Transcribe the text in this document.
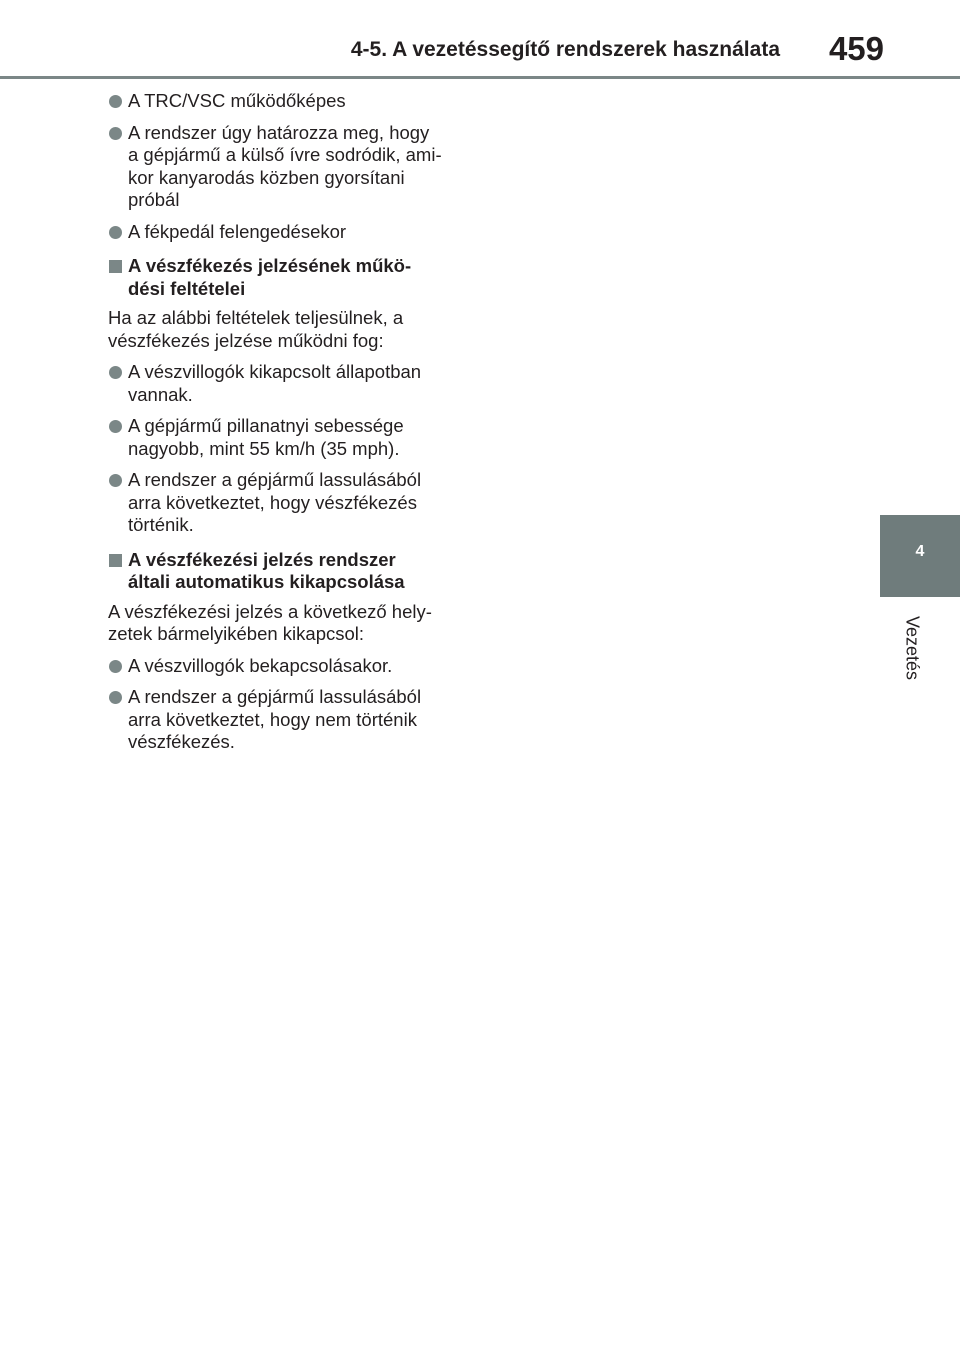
4-5. A vezetéssegítő rendszerek használata 459
4
Vezetés
A TRC/VSC működőképes
A rendszer úgy határozza meg, hogy
a gépjármű a külső ívre sodródik, ami-
kor kanyarodás közben gyorsítani
próbál
A fékpedál felengedésekor
A vészfékezés jelzésének műkö-
dési feltételei
Ha az alábbi feltételek teljesülnek, a
vészfékezés jelzése működni fog:
A vészvillogók kikapcsolt állapotban
vannak.
A gépjármű pillanatnyi sebessége
nagyobb, mint 55 km/h (35 mph).
A rendszer a gépjármű lassulásából
arra következtet, hogy vészfékezés
történik.
A vészfékezési jelzés rendszer
általi automatikus kikapcsolása
A vészfékezési jelzés a következő hely-
zetek bármelyikében kikapcsol:
A vészvillogók bekapcsolásakor.
A rendszer a gépjármű lassulásából
arra következtet, hogy nem történik
vészfékezés.
